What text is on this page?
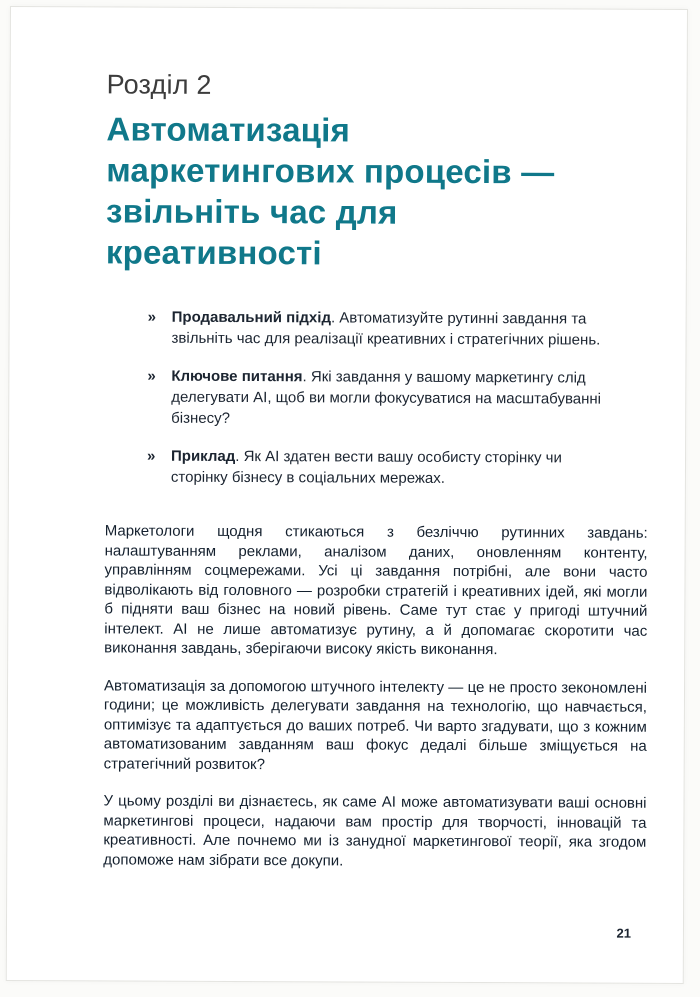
Розділ 2
Автоматизація
маркетингових процесів —
звільніть час для
креативності
»	Продавальний підхід. Автоматизуйте рутинні завдання та звільніть час для реалізації креативних і стратегічних рішень.
»	Ключове питання. Які завдання у вашому маркетингу слід делегувати AI, щоб ви могли фокусуватися на масштабуванні бізнесу?
»	Приклад. Як AI здатен вести вашу особисту сторінку чи сторінку бізнесу в соціальних мережах.
Маркетологи щодня стикаються з безліччю рутинних завдань: налаштуванням реклами, аналізом даних, оновленням контенту, управлінням соцмережами. Усі ці завдання потрібні, але вони часто відволікають від головного — розробки стратегій і креативних ідей, які могли б підняти ваш бізнес на новий рівень. Саме тут стає у пригоді штучний інтелект. AI не лише автоматизує рутину, а й допомагає скоротити час виконання завдань, зберігаючи високу якість виконання.
Автоматизація за допомогою штучного інтелекту — це не просто зекономлені години; це можливість делегувати завдання на технологію, що навчається, оптимізує та адаптується до ваших потреб. Чи варто згадувати, що з кожним автоматизованим завданням ваш фокус дедалі більше зміщується на стратегічний розвиток?
У цьому розділі ви дізнаєтесь, як саме AI може автоматизувати ваші основні маркетингові процеси, надаючи вам простір для творчості, інновацій та креативності. Але почнемо ми із занудної маркетингової теорії, яка згодом допоможе нам зібрати все докупи.
21
